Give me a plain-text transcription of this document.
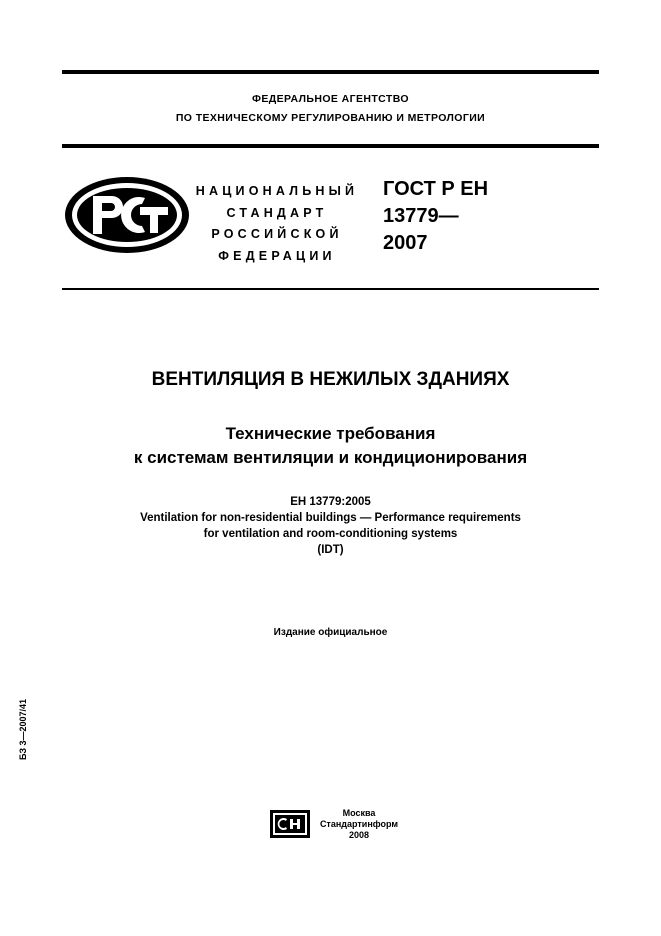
ФЕДЕРАЛЬНОЕ АГЕНТСТВО
ПО ТЕХНИЧЕСКОМУ РЕГУЛИРОВАНИЮ И МЕТРОЛОГИИ
НАЦИОНАЛЬНЫЙ
СТАНДАРТ
РОССИЙСКОЙ
ФЕДЕРАЦИИ
ГОСТ Р ЕН
13779—
2007
ВЕНТИЛЯЦИЯ В НЕЖИЛЫХ ЗДАНИЯХ
Технические требования
к системам вентиляции и кондиционирования
ЕН 13779:2005
Ventilation for non-residential buildings — Performance requirements
for ventilation and room-conditioning systems
(IDT)
Издание официальное
БЗ 3—2007/41
Москва
Стандартинформ
2008
